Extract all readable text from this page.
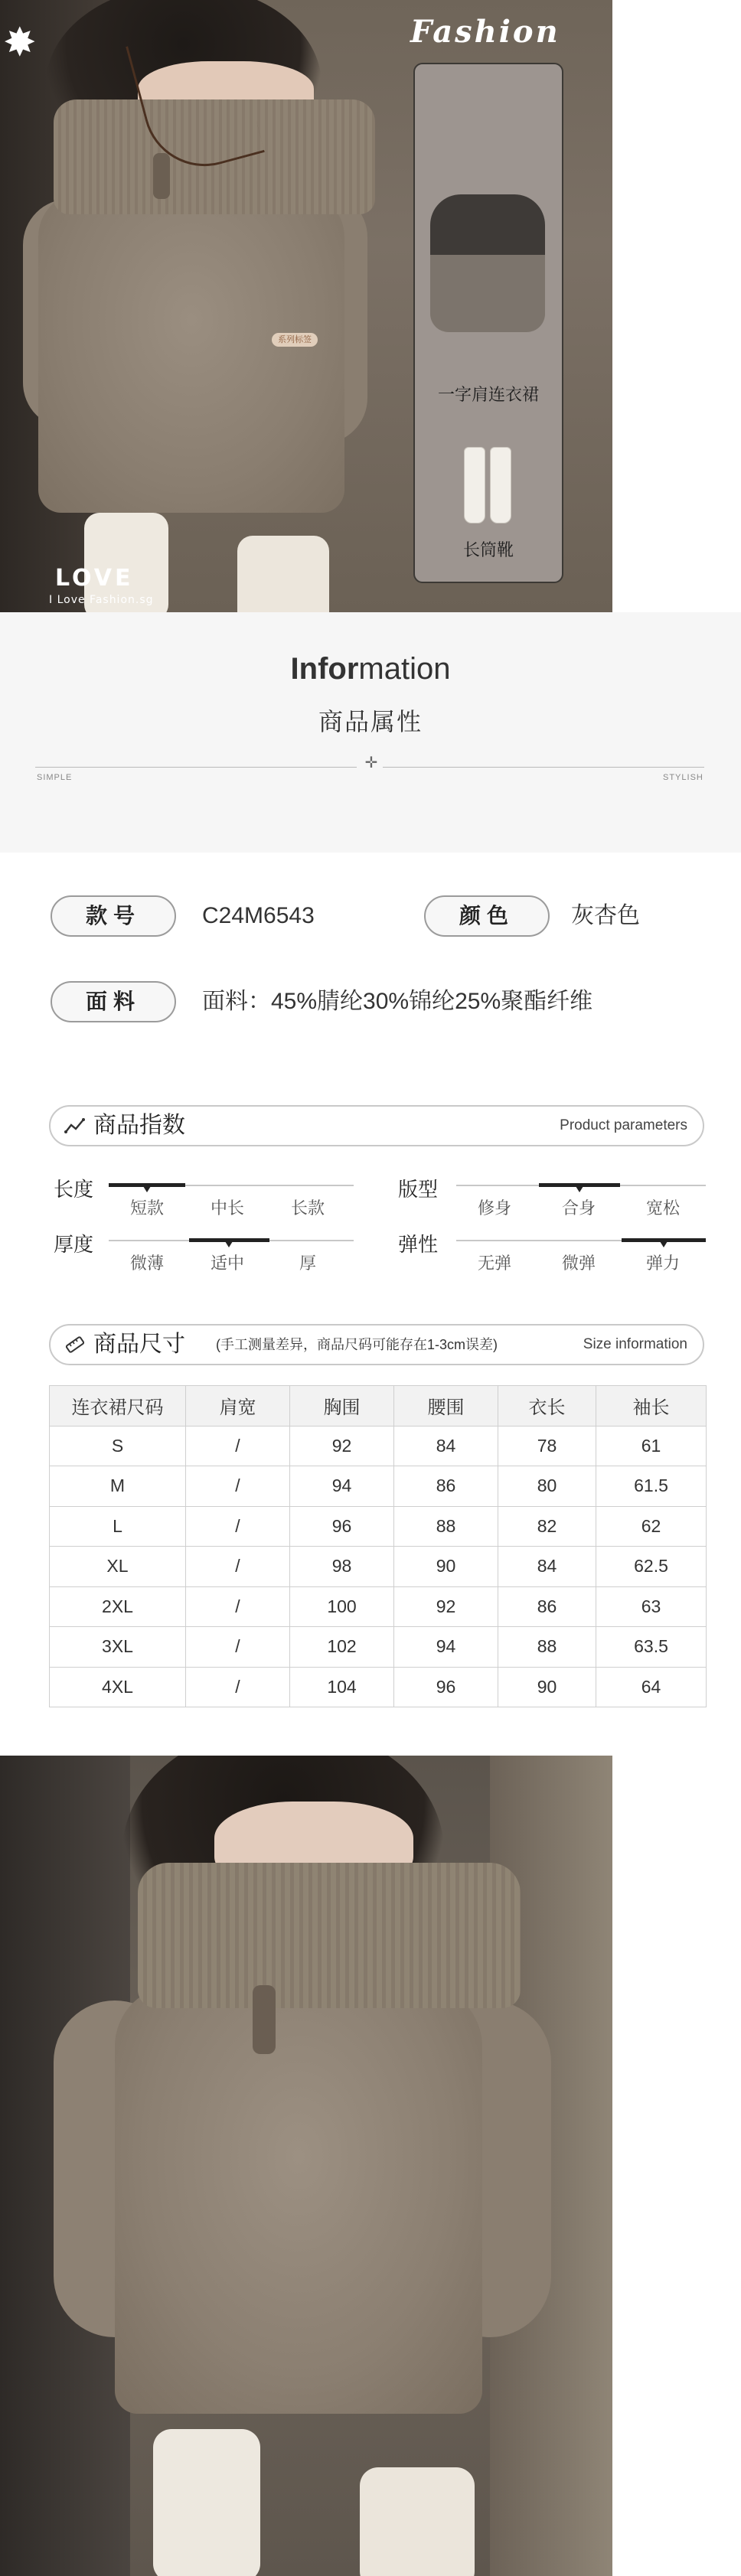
✸
系列标签
LOVE
I Love Fashion.sg
Fashion
一字肩连衣裙
长筒靴
Information
商品属性
✛
SIMPLE	STYLISH
款号	C24M6543	颜色	灰杏色
面料	面料：45%腈纶30%锦纶25%聚酯纤维
商品指数	Product parameters
长度
短款	中长	长款
版型
修身	合身	宽松
厚度
微薄	适中	厚
弹性
无弹	微弹	弹力
商品尺寸 (手工测量差异，商品尺码可能存在1-3cm误差)	Size information
连衣裙尺码	肩宽	胸围	腰围	衣长	袖长
S	/	92	84	78	61
M	/	94	86	80	61.5
L	/	96	88	82	62
XL	/	98	90	84	62.5
2XL	/	100	92	86	63
3XL	/	102	94	88	63.5
4XL	/	104	96	90	64
